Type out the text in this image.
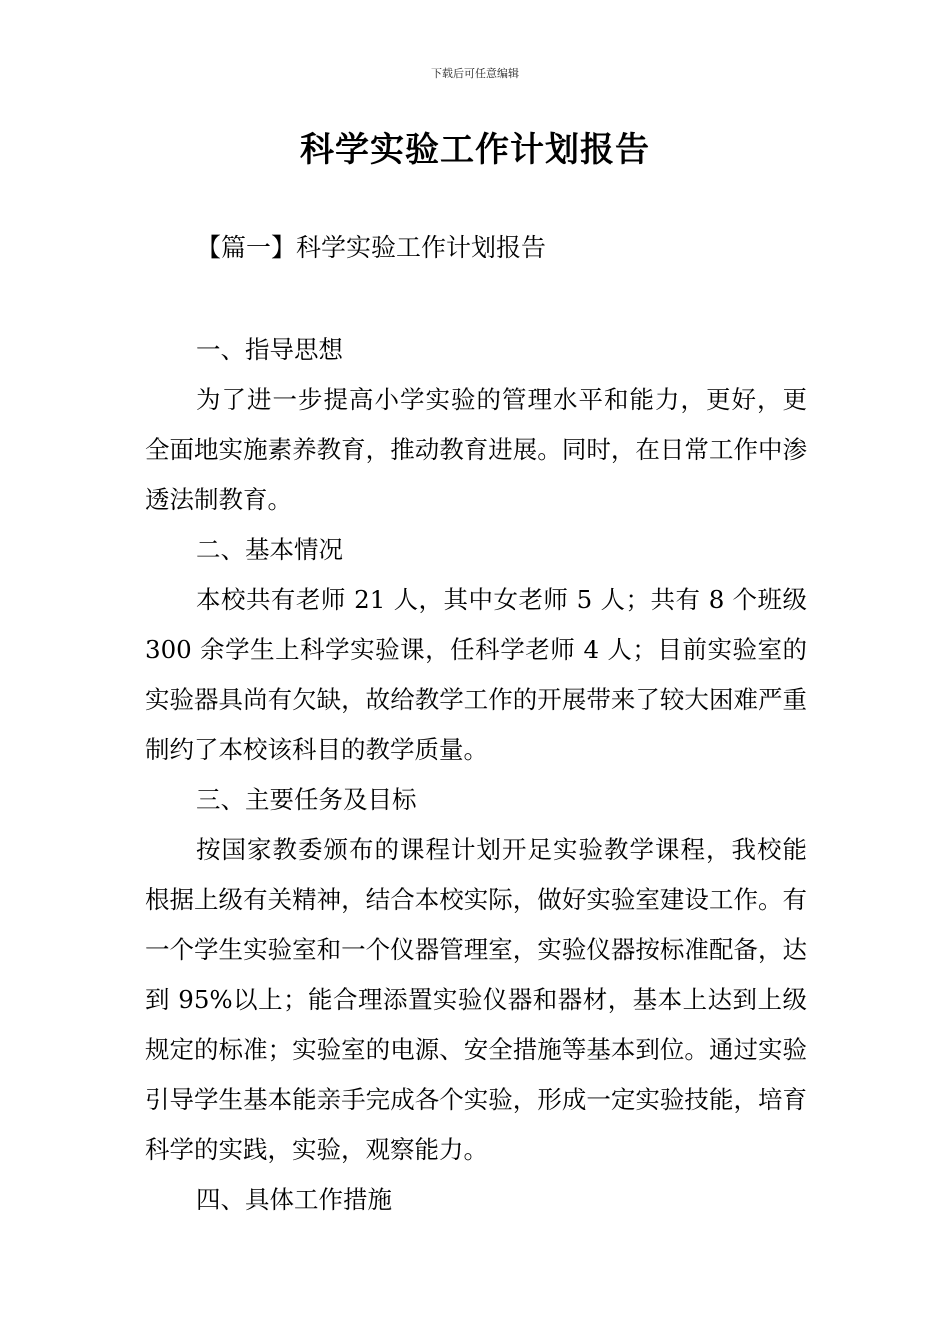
下载后可任意编辑
科学实验工作计划报告
【篇一】科学实验工作计划报告

一、指导思想

为了进一步提高小学实验的管理水平和能力，更好，更全面地实施素养教育，推动教育进展。同时，在日常工作中渗透法制教育。

二、基本情况

本校共有老师 21 人，其中女老师 5 人；共有 8 个班级 300 余学生上科学实验课，任科学老师 4 人；目前实验室的实验器具尚有欠缺，故给教学工作的开展带来了较大困难严重制约了本校该科目的教学质量。

三、主要任务及目标

按国家教委颁布的课程计划开足实验教学课程，我校能根据上级有关精神，结合本校实际，做好实验室建设工作。有一个学生实验室和一个仪器管理室，实验仪器按标准配备，达到 95%以上；能合理添置实验仪器和器材，基本上达到上级规定的标准；实验室的电源、安全措施等基本到位。通过实验引导学生基本能亲手完成各个实验，形成一定实验技能，培育科学的实践，实验，观察能力。

四、具体工作措施
